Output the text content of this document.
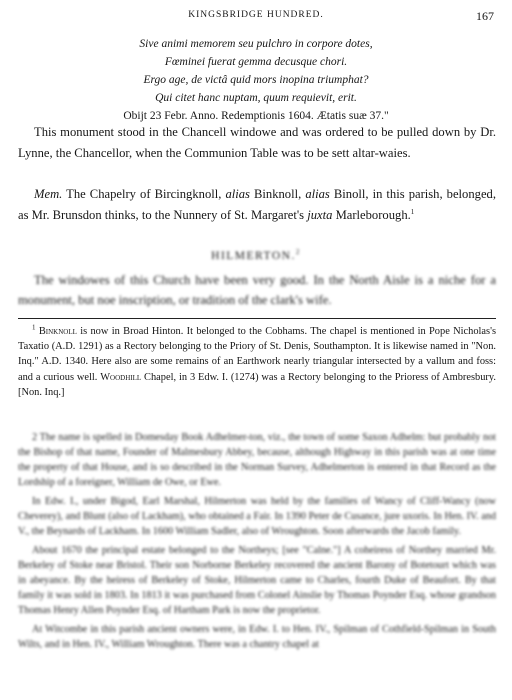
KINGSBRIDGE HUNDRED.	167
Sive animi memorem seu pulchro in corpore dotes,
Fœminei fuerat gemma decusque chori.
Ergo age, de victâ quid mors inopina triumphat?
Qui citet hanc nuptam, quum requievit, erit.
Obijt 23 Febr. Anno. Redemptionis 1604. Ætatis suæ 37."
This monument stood in the Chancell windowe and was ordered to be pulled down by Dr. Lynne, the Chancellor, when the Communion Table was to be sett altar-waies.
Mem. The Chapelry of Bircingknoll, alias Binknoll, alias Binoll, in this parish, belonged, as Mr. Brunsdon thinks, to the Nunnery of St. Margaret's juxta Marleborough.$^1$
HILMERTON.$^2$
The windowes of this Church have been very good. In the North Aisle is a niche for a monument, but noe inscription, or tradition of the clark's wife.
$^1$ Binknoll is now in Broad Hinton. It belonged to the Cobhams. The chapel is mentioned in Pope Nicholas's Taxatio (A.D. 1291) as a Rectory belonging to the Priory of St. Denis, Southampton. It is likewise named in "Non. Inq." A.D. 1340. Here also are some remains of an Earthwork nearly triangular intersected by a vallum and foss: and a curious well. Woodhill Chapel, in 3 Edw. I. (1274) was a Rectory belonging to the Prioress of Ambresbury. [Non. Inq.]

2 The name is spelled in Domesday Book Adhelmer-ton, viz., the town of some Saxon Adhelm: but probably not the Bishop of that name, Founder of Malmesbury Abbey, because, although Highway in this parish was at one time the property of that House, and is so described in the Norman Survey, Adhelmerton is entered in that Record as the Lordship of a foreigner, William de Owe, or Ewe.

In Edw. I., under Bigod, Earl Marshal, Hilmerton was held by the families of Wancy of Cliff-Wancy (now Cheverey), and Blunt (also of Lackham), who obtained a Fair. In 1390 Peter de Cusance, jure uxoris. In Hen. IV. and V., the Beynards of Lackham. In 1600 William Sadler, also of Wroughton. Soon afterwards the Jacob family.

About 1670 the principal estate belonged to the Northeys; [see "Calne."] A coheiress of Northey married Mr. Berkeley of Stoke near Bristol. Their son Norborne Berkeley recovered the ancient Barony of Botetourt which was in abeyance. By the heiress of Berkeley of Stoke, Hilmerton came to Charles, fourth Duke of Beaufort. By that family it was sold in 1803. In 1813 it was purchased from Colonel Ainslie by Thomas Poynder Esq. whose grandson Thomas Henry Allen Poynder Esq. of Hartham Park is now the proprietor.

At Witcombe in this parish ancient owners were, in Edw. I. to Hen. IV., Spilman of Cothfield-Spilman in South Wilts, and in Hen. IV., William Wroughton. There was a chantry chapel at
